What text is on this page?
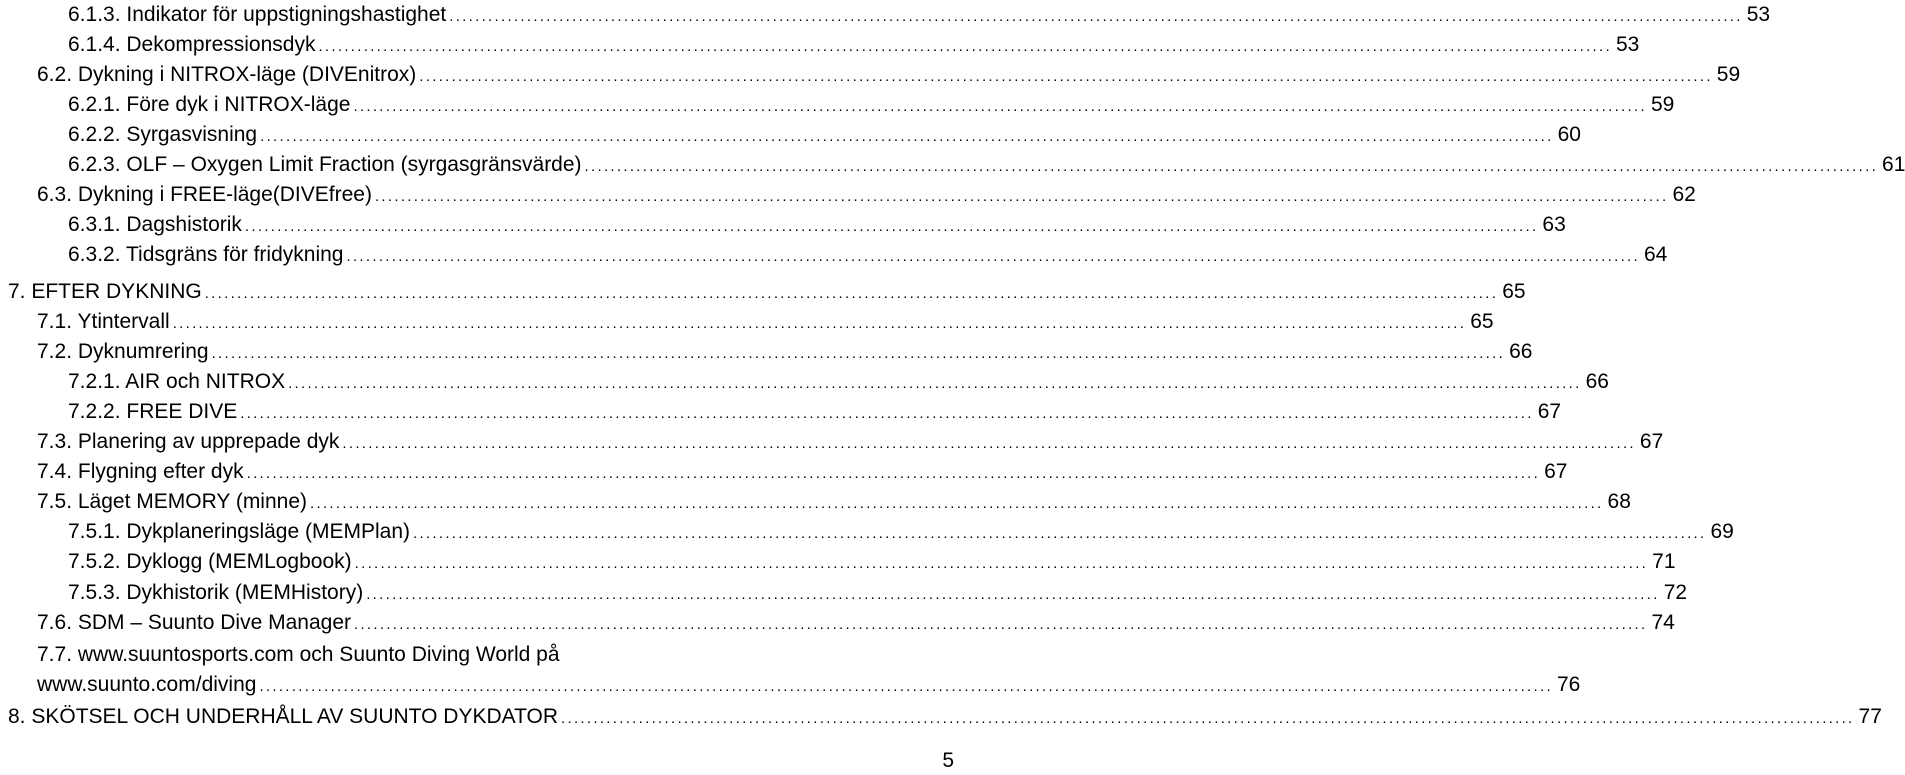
6.1.3. Indikator för uppstigningshastighet ........................................................................................................................................................................................................ 53
6.1.4. Dekompressionsdyk ........................................................................................................................................................................................................ 53
6.2. Dykning i NITROX-läge (DIVEnitrox) ........................................................................................................................................................................................................ 59
6.2.1. Före dyk i NITROX-läge ........................................................................................................................................................................................................ 59
6.2.2. Syrgasvisning ........................................................................................................................................................................................................ 60
6.2.3. OLF – Oxygen Limit Fraction (syrgasgränsvärde) ........................................................................................................................................................................................................ 61
6.3. Dykning i FREE-läge(DIVEfree) ........................................................................................................................................................................................................ 62
6.3.1. Dagshistorik ........................................................................................................................................................................................................ 63
6.3.2. Tidsgräns för fridykning ........................................................................................................................................................................................................ 64
7. EFTER DYKNING ........................................................................................................................................................................................................ 65
7.1. Ytintervall ........................................................................................................................................................................................................ 65
7.2. Dyknumrering ........................................................................................................................................................................................................ 66
7.2.1. AIR och NITROX ........................................................................................................................................................................................................ 66
7.2.2. FREE DIVE ........................................................................................................................................................................................................ 67
7.3. Planering av upprepade dyk ........................................................................................................................................................................................................ 67
7.4. Flygning efter dyk ........................................................................................................................................................................................................ 67
7.5. Läget MEMORY (minne) ........................................................................................................................................................................................................ 68
7.5.1. Dykplaneringsläge (MEMPlan) ........................................................................................................................................................................................................ 69
7.5.2. Dyklogg (MEMLogbook) ........................................................................................................................................................................................................ 71
7.5.3. Dykhistorik (MEMHistory) ........................................................................................................................................................................................................ 72
7.6. SDM – Suunto Dive Manager ........................................................................................................................................................................................................ 74
7.7. www.suuntosports.com och Suunto Diving World på
www.suunto.com/diving ........................................................................................................................................................................................................ 76
8. SKÖTSEL OCH UNDERHÅLL AV SUUNTO DYKDATOR ........................................................................................................................................................................................................ 77
5
